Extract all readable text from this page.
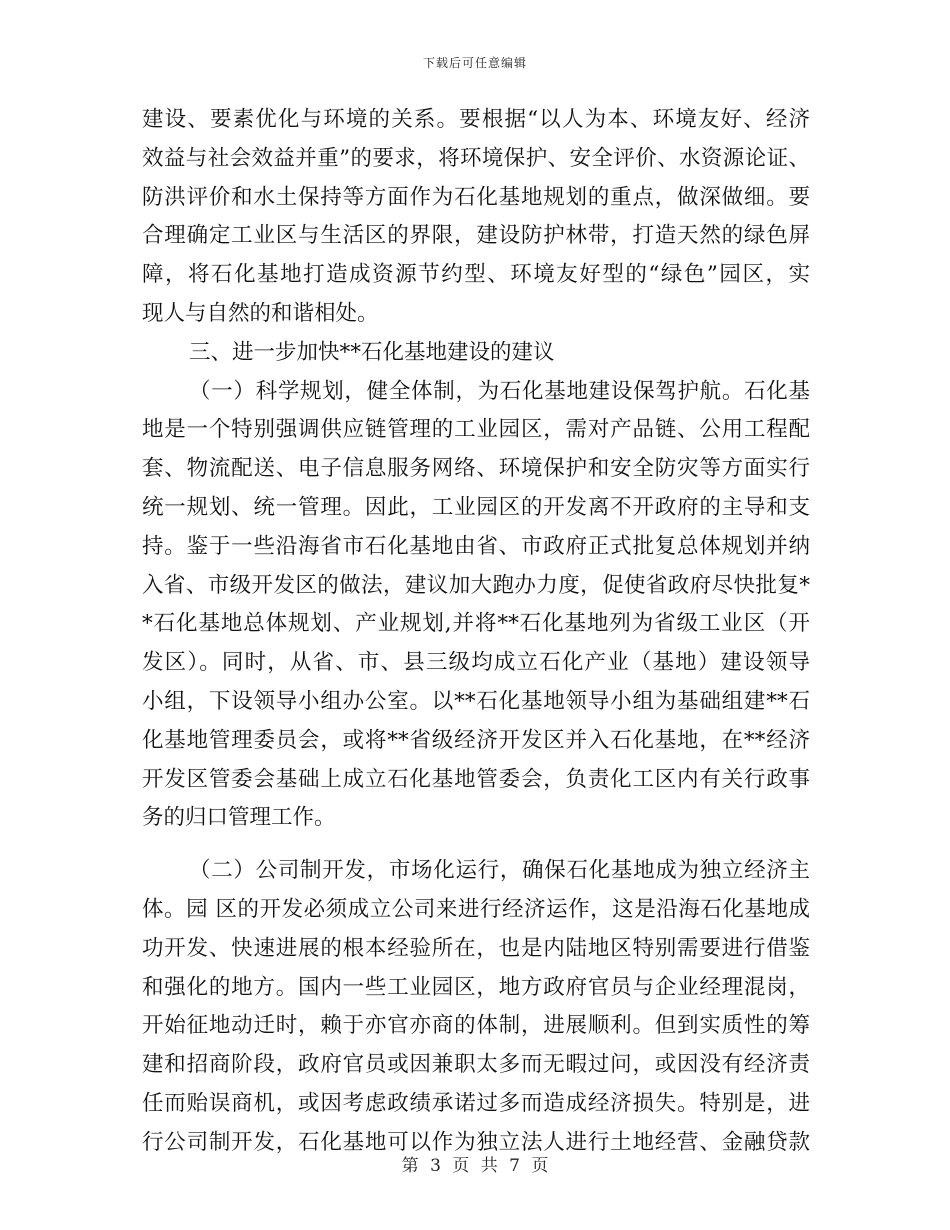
下载后可任意编辑
建设、要素优化与环境的关系。要根据“以人为本、环境友好、经济
效益与社会效益并重”的要求，将环境保护、安全评价、水资源论证、
防洪评价和水土保持等方面作为石化基地规划的重点，做深做细。要
合理确定工业区与生活区的界限，建设防护林带，打造天然的绿色屏
障，将石化基地打造成资源节约型、环境友好型的“绿色”园区，实
现人与自然的和谐相处。
三、进一步加快**石化基地建设的建议
（一）科学规划，健全体制，为石化基地建设保驾护航。石化基
地是一个特别强调供应链管理的工业园区，需对产品链、公用工程配
套、物流配送、电子信息服务网络、环境保护和安全防灾等方面实行
统一规划、统一管理。因此，工业园区的开发离不开政府的主导和支
持。鉴于一些沿海省市石化基地由省、市政府正式批复总体规划并纳
入省、市级开发区的做法，建议加大跑办力度，促使省政府尽快批复*
*石化基地总体规划、产业规划,并将**石化基地列为省级工业区（开
发区）。同时，从省、市、县三级均成立石化产业（基地）建设领导
小组，下设领导小组办公室。以**石化基地领导小组为基础组建**石
化基地管理委员会，或将**省级经济开发区并入石化基地，在**经济
开发区管委会基础上成立石化基地管委会，负责化工区内有关行政事
务的归口管理工作。
（二）公司制开发，市场化运行，确保石化基地成为独立经济主
体。园 区的开发必须成立公司来进行经济运作，这是沿海石化基地成
功开发、快速进展的根本经验所在，也是内陆地区特别需要进行借鉴
和强化的地方。国内一些工业园区，地方政府官员与企业经理混岗，
开始征地动迁时，赖于亦官亦商的体制，进展顺利。但到实质性的筹
建和招商阶段，政府官员或因兼职太多而无暇过问，或因没有经济责
任而贻误商机，或因考虑政绩承诺过多而造成经济损失。特别是，进
行公司制开发，石化基地可以作为独立法人进行土地经营、金融贷款
第 3 页 共 7 页
